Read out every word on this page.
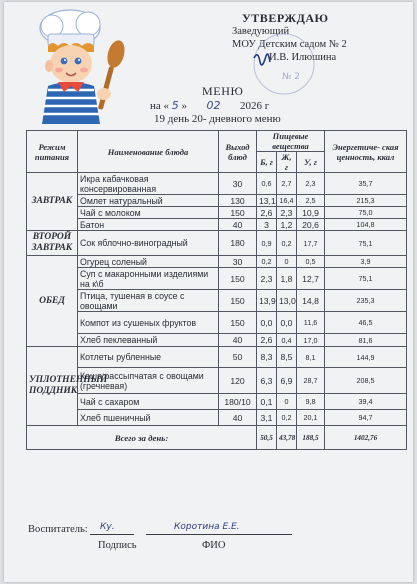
УТВЕРЖДАЮ
Заведующий
МОУ Детским садом № 2
И.В. Илюшина
№ 2
МЕНЮ
на « 5 » 02 2026 г
19 день 20- дневного меню
Режим питания	Наименование блюда	Выход блюд	Пищевые вещества			Энергетиче- ская ценность, ккал
			Б, г	Ж, г	У, г	
ЗАВТРАК	Икра кабачковая консервированная	30	0,6	2,7	2,3	35,7
	Омлет натуральный	130	13,1	16,4	2,5	215,3
	Чай с молоком	150	2,6	2,3	10,9	75,0
	Батон	40	3	1,2	20,6	104,8
ВТОРОЙ ЗАВТРАК	Сок яблочно-виноградный	180	0,9	0,2	17,7	75,1
ОБЕД	Огурец соленый	30	0,2	0	0,5	3,9
	Суп с макаронными изделиями на к\б	150	2,3	1,8	12,7	75,1
	Птица, тушеная в соусе с овощами	150	13,9	13,0	14,8	235,3
	Компот из сушеных фруктов	150	0,0	0,0	11,6	46,5
	Хлеб пеклеванный	40	2,6	0,4	17,0	81,6
УПЛОТНЕННЫЙ ПОДДНИК	Котлеты рубленные	50	8,3	8,5	8,1	144,9
	Каша рассыпчатая с овощами (гречневая)	120	6,3	6,9	28,7	208,5
	Чай с сахаром	180/10	0,1	0	9,8	39,4
	Хлеб пшеничный	40	3,1	0,2	20,1	94,7
Всего за день:			50,5	43,78	188,5	1402,76
Воспитатель: Ку.	Коротина Е.Е.
Подпись	ФИО
